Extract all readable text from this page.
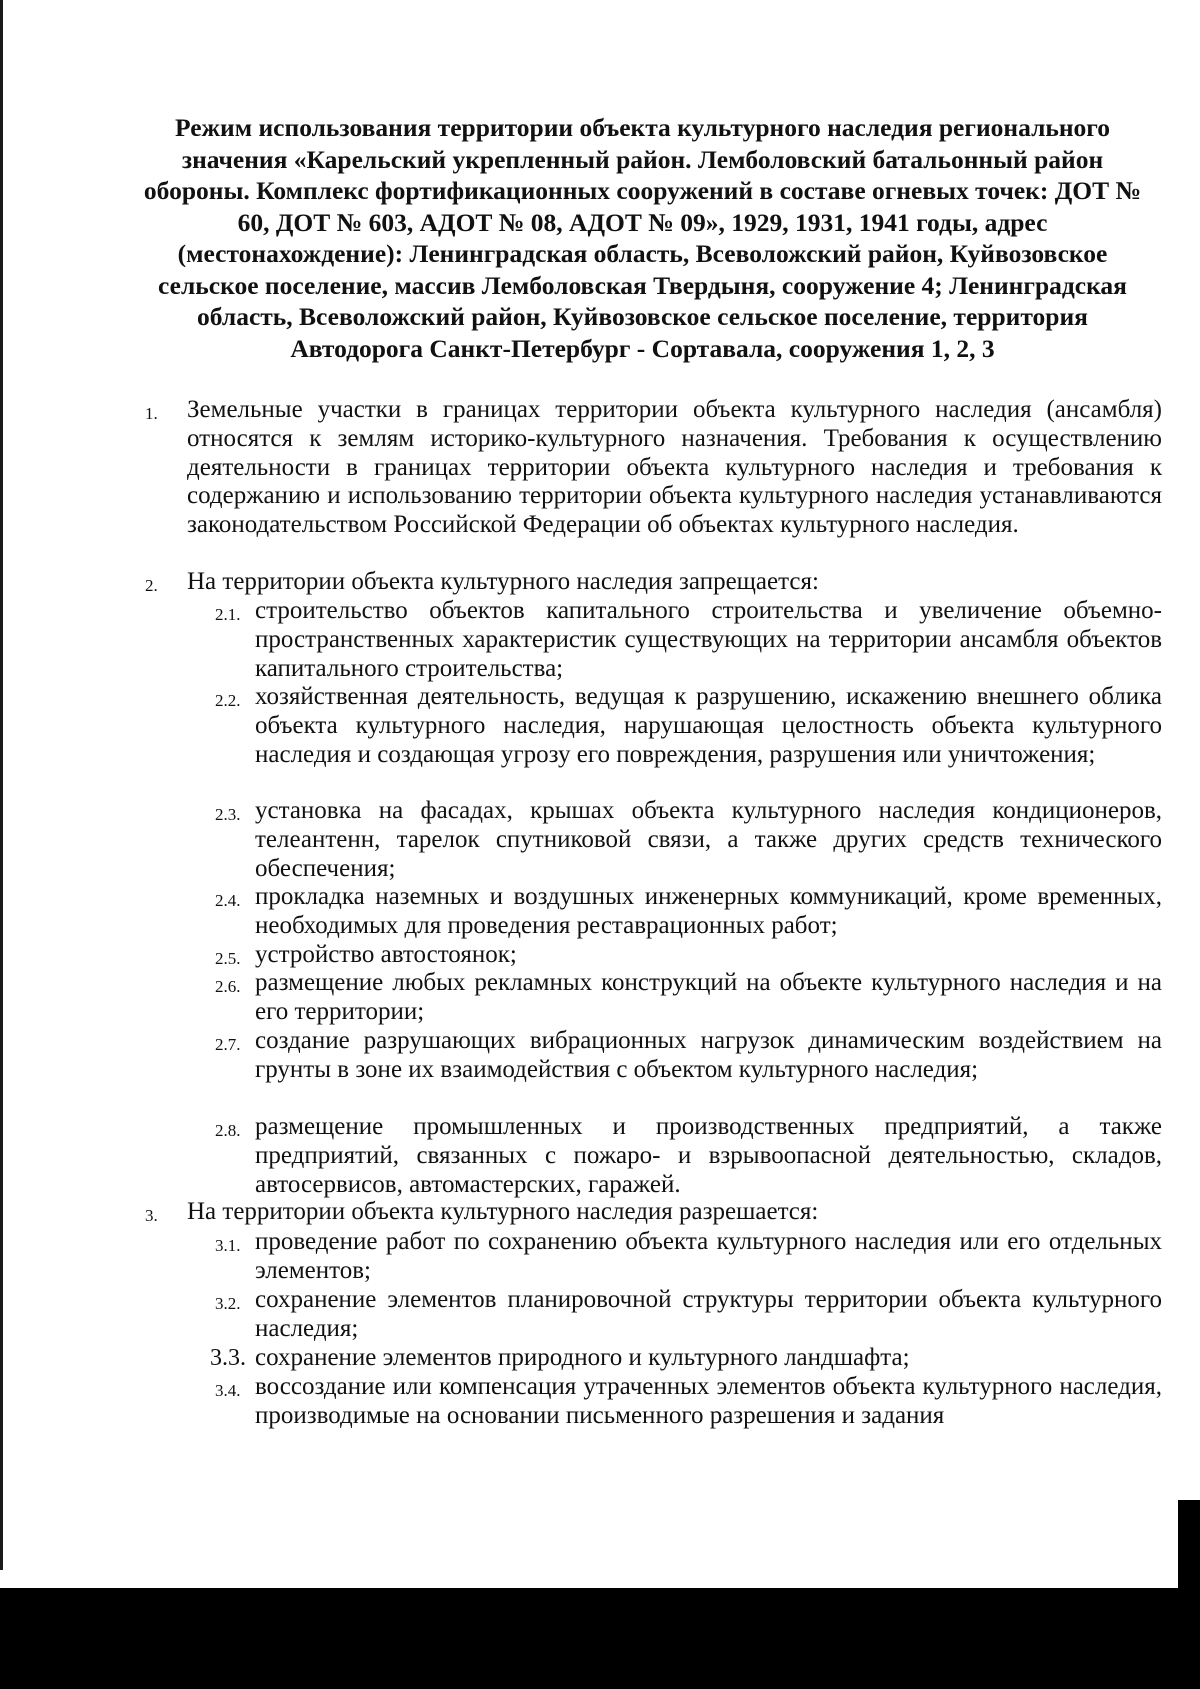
Режим использования территории объекта культурного наследия регионального значения «Карельский укрепленный район. Лемболовский батальонный район обороны. Комплекс фортификационных сооружений в составе огневых точек: ДОТ № 60, ДОТ № 603, АДОТ № 08, АДОТ № 09», 1929, 1931, 1941 годы, адрес (местонахождение): Ленинградская область, Всеволожский район, Куйвозовское сельское поселение, массив Лемболовская Твердыня, сооружение 4; Ленинградская область, Всеволожский район, Куйвозовское сельское поселение, территория Автодорога Санкт-Петербург - Сортавала, сооружения 1, 2, 3
1.	Земельные участки в границах территории объекта культурного наследия (ансамбля) относятся к землям историко-культурного назначения. Требования к осуществлению деятельности в границах территории объекта культурного наследия и требования к содержанию и использованию территории объекта культурного наследия устанавливаются законодательством Российской Федерации об объектах культурного наследия.
2.	На территории объекта культурного наследия запрещается:
2.1. строительство объектов капитального строительства и увеличение объемно- пространственных характеристик существующих на территории ансамбля объектов капитального строительства;
2.2. хозяйственная деятельность, ведущая к разрушению, искажению внешнего облика объекта культурного наследия, нарушающая целостность объекта культурного наследия и создающая угрозу его повреждения, разрушения или уничтожения;
2.3. установка на фасадах, крышах объекта культурного наследия кондиционеров, телеантенн, тарелок спутниковой связи, а также других средств технического обеспечения;
2.4. прокладка наземных и воздушных инженерных коммуникаций, кроме временных, необходимых для проведения реставрационных работ;
2.5. устройство автостоянок;
2.6. размещение любых рекламных конструкций на объекте культурного наследия и на его территории;
2.7. создание разрушающих вибрационных нагрузок динамическим воздействием на грунты в зоне их взаимодействия с объектом культурного наследия;
2.8. размещение промышленных и производственных предприятий, а также предприятий, связанных с пожаро- и взрывоопасной деятельностью, складов, автосервисов, автомастерских, гаражей.
3.	На территории объекта культурного наследия разрешается:
3.1. проведение работ по сохранению объекта культурного наследия или его отдельных элементов;
3.2. сохранение элементов планировочной структуры территории объекта культурного наследия;
3.3. сохранение элементов природного и культурного ландшафта;
3.4. воссоздание или компенсация утраченных элементов объекта культурного наследия, производимые на основании письменного разрешения и задания
